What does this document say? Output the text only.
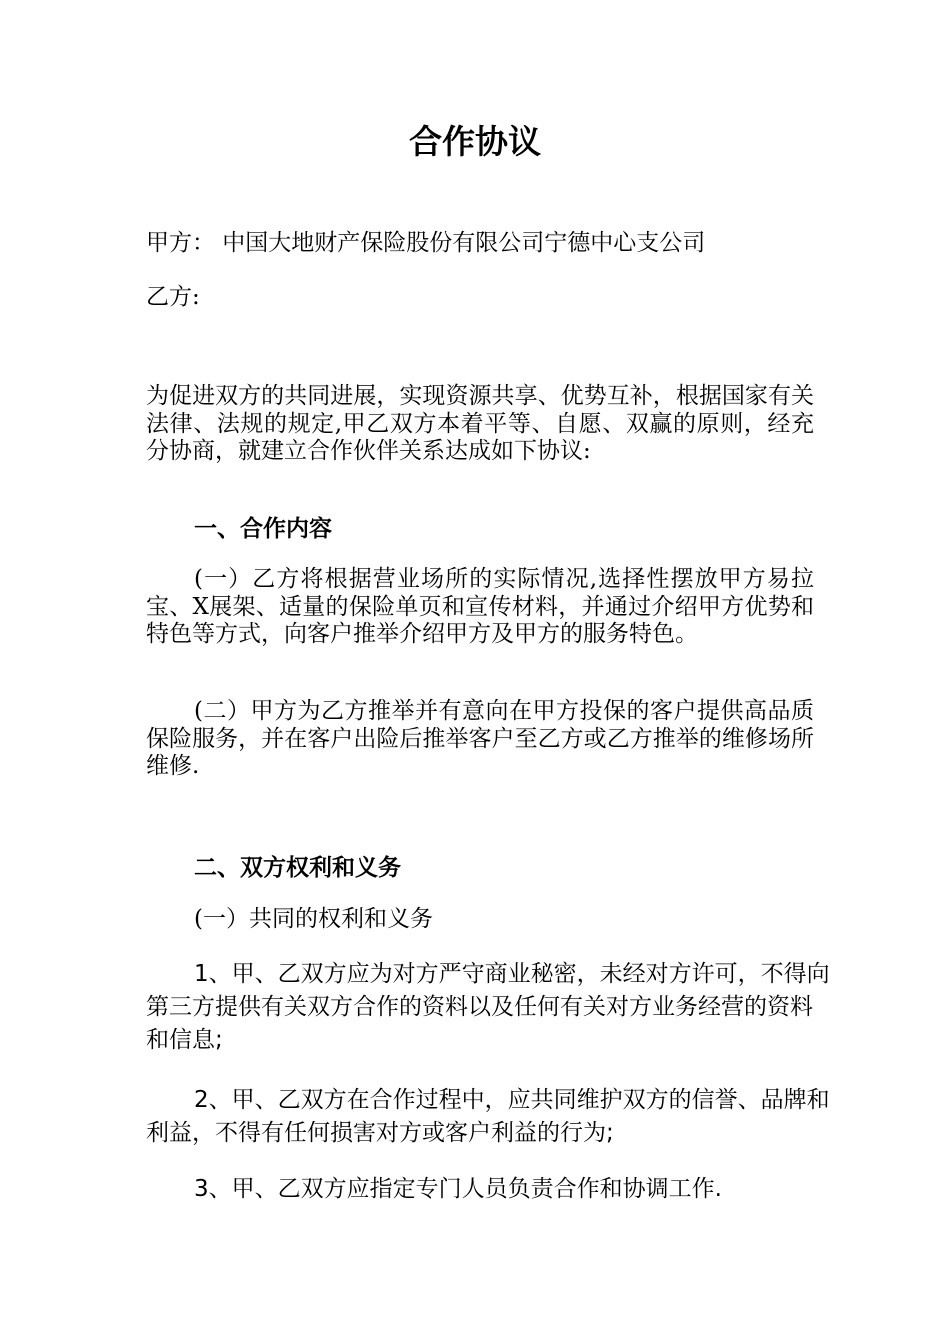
合作协议
甲方： 中国大地财产保险股份有限公司宁德中心支公司
乙方:

为促进双方的共同进展，实现资源共享、优势互补，根据国家有关法律、法规的规定,甲乙双方本着平等、自愿、双赢的原则，经充分协商，就建立合作伙伴关系达成如下协议:

一、合作内容

(一）乙方将根据营业场所的实际情况,选择性摆放甲方易拉宝、X展架、适量的保险单页和宣传材料，并通过介绍甲方优势和特色等方式，向客户推举介绍甲方及甲方的服务特色。

(二）甲方为乙方推举并有意向在甲方投保的客户提供高品质保险服务，并在客户出险后推举客户至乙方或乙方推举的维修场所维修.

二、双方权利和义务
(一）共同的权利和义务

1、甲、乙双方应为对方严守商业秘密，未经对方许可，不得向第三方提供有关双方合作的资料以及任何有关对方业务经营的资料和信息;

2、甲、乙双方在合作过程中，应共同维护双方的信誉、品牌和利益，不得有任何损害对方或客户利益的行为;

3、甲、乙双方应指定专门人员负责合作和协调工作.
